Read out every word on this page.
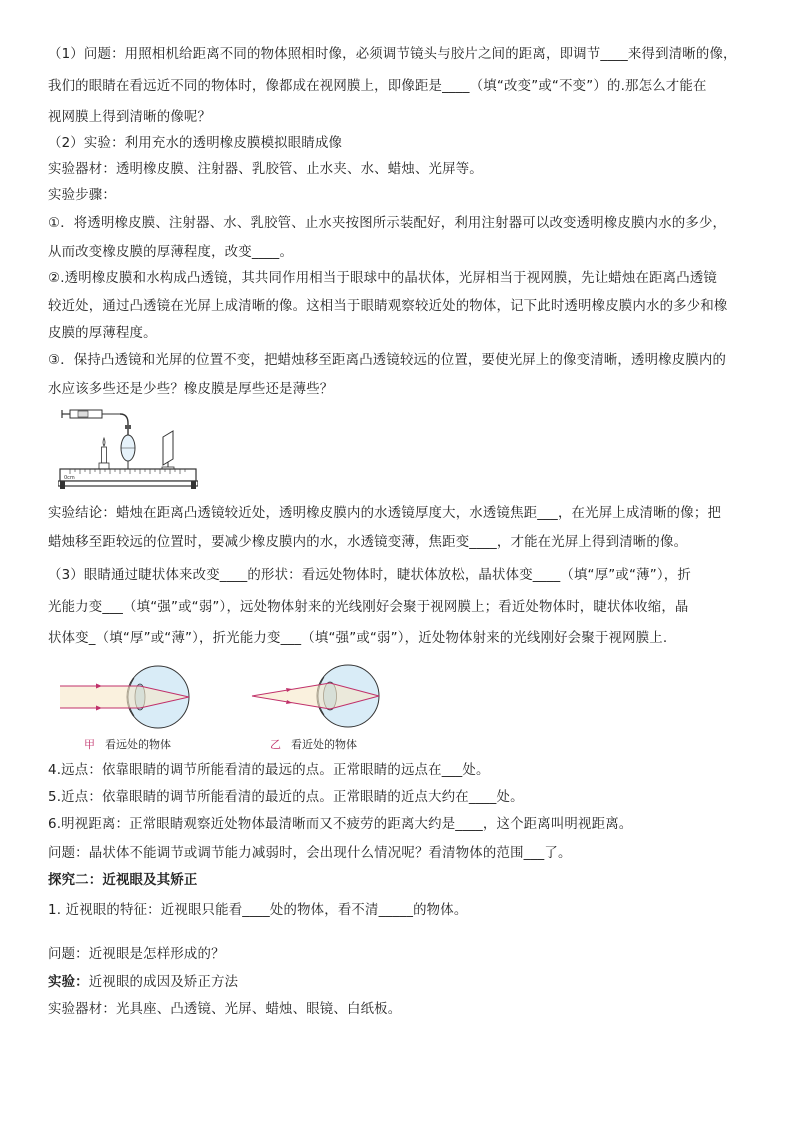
（1）问题：用照相机给距离不同的物体照相时像，必须调节镜头与胶片之间的距离，即调节____来得到清晰的像，
我们的眼睛在看远近不同的物体时，像都成在视网膜上，即像距是____（填“改变”或“不变”）的.那怎么才能在
视网膜上得到清晰的像呢？
（2）实验：利用充水的透明橡皮膜模拟眼睛成像
实验器材：透明橡皮膜、注射器、乳胶管、止水夹、水、蜡烛、光屏等。
实验步骤：
①．将透明橡皮膜、注射器、水、乳胶管、止水夹按图所示装配好，利用注射器可以改变透明橡皮膜内水的多少，
从而改变橡皮膜的厚薄程度，改变____。
②.透明橡皮膜和水构成凸透镜，其共同作用相当于眼球中的晶状体，光屏相当于视网膜，先让蜡烛在距离凸透镜
较近处，通过凸透镜在光屏上成清晰的像。这相当于眼睛观察较近处的物体，记下此时透明橡皮膜内水的多少和橡
皮膜的厚薄程度。
③．保持凸透镜和光屏的位置不变，把蜡烛移至距离凸透镜较远的位置，要使光屏上的像变清晰，透明橡皮膜内的
水应该多些还是少些？橡皮膜是厚些还是薄些？
0cm
实验结论：蜡烛在距离凸透镜较近处，透明橡皮膜内的水透镜厚度大，水透镜焦距___，在光屏上成清晰的像；把
蜡烛移至距较远的位置时，要减少橡皮膜内的水，水透镜变薄，焦距变____，才能在光屏上得到清晰的像。
（3）眼睛通过睫状体来改变____的形状：看远处物体时，睫状体放松，晶状体变____（填“厚”或“薄”），折
光能力变___（填“强”或“弱”），远处物体射来的光线刚好会聚于视网膜上；看近处物体时，睫状体收缩，晶
状体变_（填“厚”或“薄”），折光能力变___（填“强”或“弱”），近处物体射来的光线刚好会聚于视网膜上.
甲 看远处的物体	乙 看近处的物体
4.远点：依靠眼睛的调节所能看清的最远的点。正常眼睛的远点在___处。
5.近点：依靠眼睛的调节所能看清的最近的点。正常眼睛的近点大约在____处。
6.明视距离：正常眼睛观察近处物体最清晰而又不疲劳的距离大约是____，这个距离叫明视距离。
问题：晶状体不能调节或调节能力减弱时，会出现什么情况呢？看清物体的范围___了。
探究二：近视眼及其矫正
1. 近视眼的特征：近视眼只能看____处的物体，看不清_____的物体。
问题：近视眼是怎样形成的？
实验：近视眼的成因及矫正方法
实验器材：光具座、凸透镜、光屏、蜡烛、眼镜、白纸板。
